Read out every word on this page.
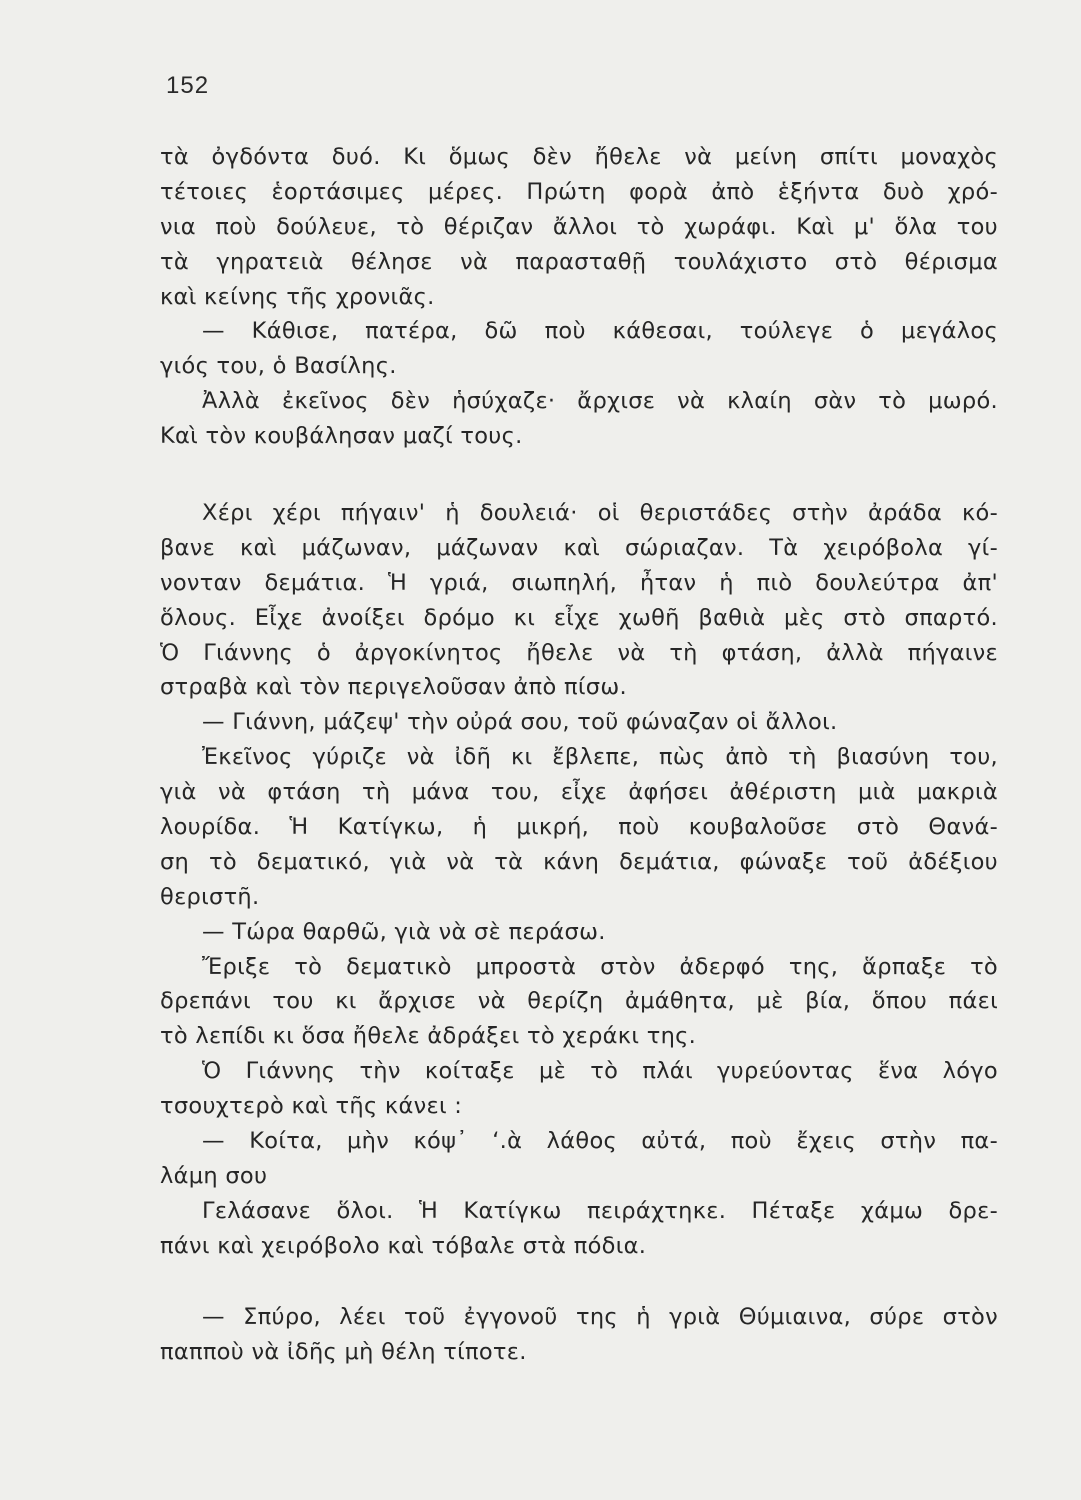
152
τὰ ὀγδόντα δυό. Κι ὅμως δὲν ἤθελε νὰ μείνη σπίτι μοναχὸς
τέτοιες ἑορτάσιμες μέρες. Πρώτη φορὰ ἀπὸ ἑξήντα δυὸ χρό-
νια ποὺ δούλευε, τὸ θέριζαν ἄλλοι τὸ χωράφι. Καὶ μ' ὅλα του
τὰ γηρατειὰ θέλησε νὰ παρασταθῇ τουλάχιστο στὸ θέρισμα
καὶ κείνης τῆς χρονιᾶς.
— Κάθισε, πατέρα, δῶ ποὺ κάθεσαι, τούλεγε ὁ μεγάλος
γιός του, ὁ Βασίλης.
Ἀλλὰ ἐκεῖνος δὲν ἡσύχαζε· ἄρχισε νὰ κλαίη σὰν τὸ μωρό.
Καὶ τὸν κουβάλησαν μαζί τους.
Χέρι χέρι πήγαιν' ἡ δουλειά· οἱ θεριστάδες στὴν ἀράδα κό-
βανε καὶ μάζωναν, μάζωναν καὶ σώριαζαν. Τὰ χειρόβολα γί-
νονταν δεμάτια. Ἡ γριά, σιωπηλή, ἦταν ἡ πιὸ δουλεύτρα ἀπ'
ὅλους. Εἶχε ἀνοίξει δρόμο κι εἶχε χωθῆ βαθιὰ μὲς στὸ σπαρτό.
Ὁ Γιάννης ὁ ἀργοκίνητος ἤθελε νὰ τὴ φτάση, ἀλλὰ πήγαινε
στραβὰ καὶ τὸν περιγελοῦσαν ἀπὸ πίσω.
— Γιάννη, μάζεψ' τὴν οὐρά σου, τοῦ φώναζαν οἱ ἄλλοι.
Ἐκεῖνος γύριζε νὰ ἰδῆ κι ἔβλεπε, πὼς ἀπὸ τὴ βιασύνη του,
γιὰ νὰ φτάση τὴ μάνα του, εἶχε ἀφήσει ἀθέριστη μιὰ μακριὰ
λουρίδα. Ἡ Κατίγκω, ἡ μικρή, ποὺ κουβαλοῦσε στὸ Θανά-
ση τὸ δεματικό, γιὰ νὰ τὰ κάνη δεμάτια, φώναξε τοῦ ἀδέξιου
θεριστῆ.
— Τώρα θαρθῶ, γιὰ νὰ σὲ περάσω.
Ἔριξε τὸ δεματικὸ μπροστὰ στὸν ἀδερφό της, ἅρπαξε τὸ
δρεπάνι του κι ἄρχισε νὰ θερίζη ἀμάθητα, μὲ βία, ὅπου πάει
τὸ λεπίδι κι ὅσα ἤθελε ἀδράξει τὸ χεράκι της.
Ὁ Γιάννης τὴν κοίταξε μὲ τὸ πλάι γυρεύοντας ἕνα λόγο
τσουχτερὸ καὶ τῆς κάνει :
— Κοίτα, μὴν κόψ᾽ ‘.ὰ λάθος αὐτά, ποὺ ἔχεις στὴν πα-
λάμη σου
Γελάσανε ὅλοι. Ἡ Κατίγκω πειράχτηκε. Πέταξε χάμω δρε-
πάνι καὶ χειρόβολο καὶ τόβαλε στὰ πόδια.
— Σπύρο, λέει τοῦ ἐγγονοῦ της ἡ γριὰ Θύμιαινα, σύρε στὸν
παπποὺ νὰ ἰδῆς μὴ θέλη τίποτε.
